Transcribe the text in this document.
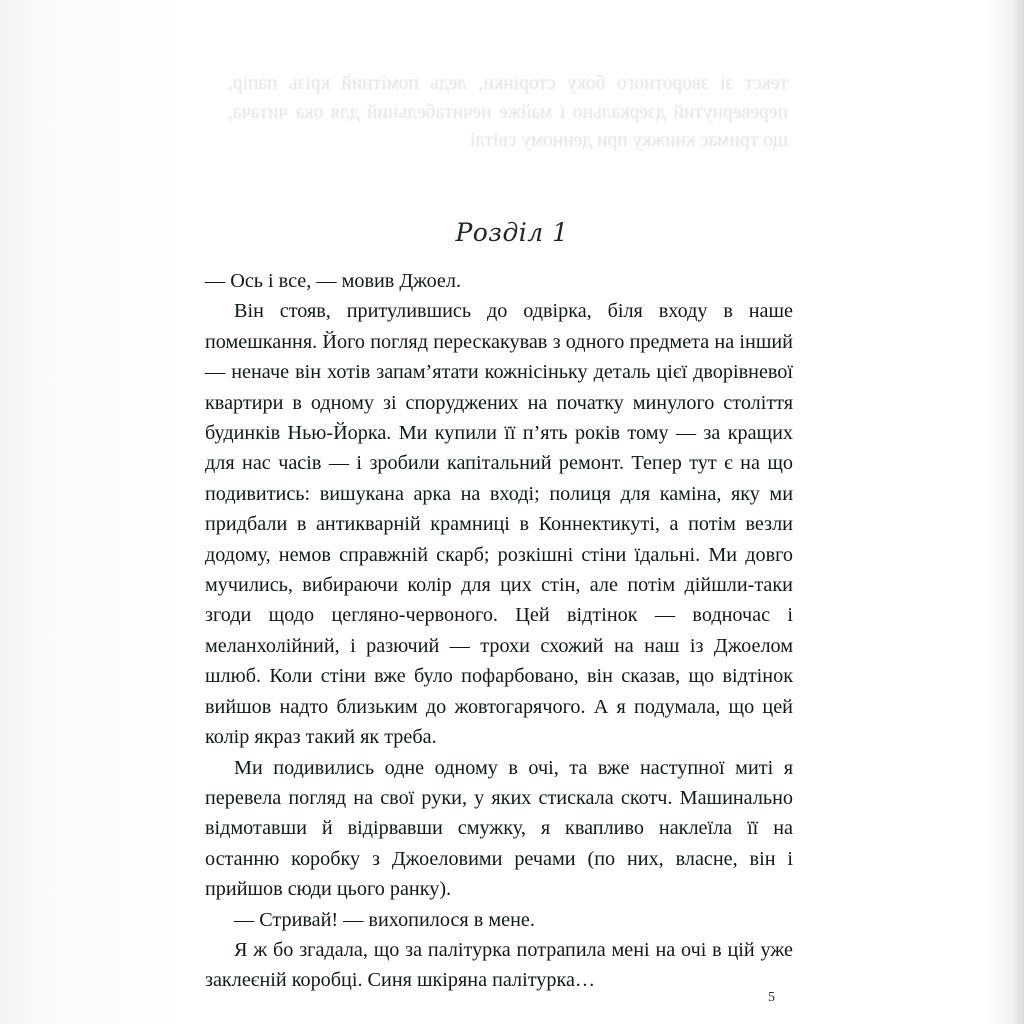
текст зі зворотного боку сторінки, ледь помітний крізь папір, перевернутий дзеркально і майже нечитабельний для ока читача, що тримає книжку при денному світлі
Розділ 1

— Ось і все, — мовив Джоел.

Він стояв, притулившись до одвірка, біля входу в наше помешкання. Його погляд перескакував з одного предмета на інший — неначе він хотів запам’ятати кожнісіньку деталь цієї дворівневої квартири в одному зі споруджених на початку минулого століття будинків Нью-Йорка. Ми купили її п’ять років тому — за кращих для нас часів — і зробили капітальний ремонт. Тепер тут є на що подивитись: вишукана арка на вході; полиця для каміна, яку ми придбали в антикварній крамниці в Коннектикуті, а потім везли додому, немов справжній скарб; розкішні стіни їдальні. Ми довго мучились, вибираючи колір для цих стін, але потім дійшли-таки згоди щодо цегляно-червоного. Цей відтінок — водночас і меланхолійний, і разючий — трохи схожий на наш із Джоелом шлюб. Коли стіни вже було пофарбовано, він сказав, що відтінок вийшов надто близьким до жовтогарячого. А я подумала, що цей колір якраз такий як треба.

Ми подивились одне одному в очі, та вже наступної миті я перевела погляд на свої руки, у яких стискала скотч. Машинально відмотавши й відірвавши смужку, я квапливо наклеїла її на останню коробку з Джоеловими речами (по них, власне, він і прийшов сюди цього ранку).

— Стривай! — вихопилося в мене.

Я ж бо згадала, що за палітурка потрапила мені на очі в цій уже заклеєній коробці. Синя шкіряна палітурка…

5
